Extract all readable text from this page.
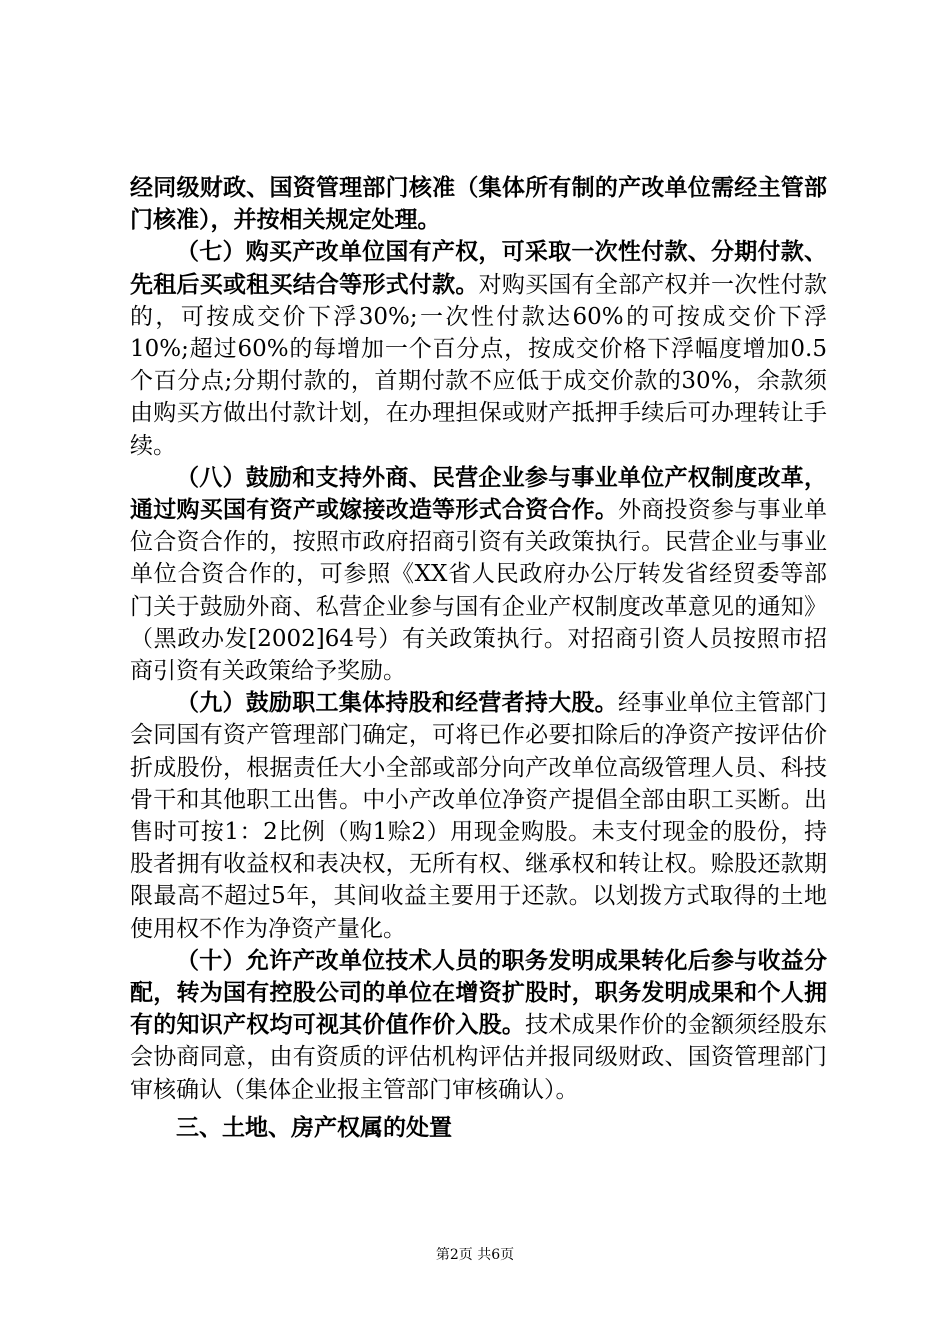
经同级财政、国资管理部门核准（集体所有制的产改单位需经主管部门核准），并按相关规定处理。

（七）购买产改单位国有产权，可采取一次性付款、分期付款、先租后买或租买结合等形式付款。对购买国有全部产权并一次性付款的，可按成交价下浮30%;一次性付款达60%的可按成交价下浮10%;超过60%的每增加一个百分点，按成交价格下浮幅度增加0.5个百分点;分期付款的，首期付款不应低于成交价款的30%，余款须由购买方做出付款计划，在办理担保或财产抵押手续后可办理转让手续。

（八）鼓励和支持外商、民营企业参与事业单位产权制度改革，通过购买国有资产或嫁接改造等形式合资合作。外商投资参与事业单位合资合作的，按照市政府招商引资有关政策执行。民营企业与事业单位合资合作的，可参照《XX省人民政府办公厅转发省经贸委等部门关于鼓励外商、私营企业参与国有企业产权制度改革意见的通知》（黑政办发[2002]64号）有关政策执行。对招商引资人员按照市招商引资有关政策给予奖励。

（九）鼓励职工集体持股和经营者持大股。经事业单位主管部门会同国有资产管理部门确定，可将已作必要扣除后的净资产按评估价折成股份，根据责任大小全部或部分向产改单位高级管理人员、科技骨干和其他职工出售。中小产改单位净资产提倡全部由职工买断。出售时可按1：2比例（购1赊2）用现金购股。未支付现金的股份，持股者拥有收益权和表决权，无所有权、继承权和转让权。赊股还款期限最高不超过5年，其间收益主要用于还款。以划拨方式取得的土地使用权不作为净资产量化。

（十）允许产改单位技术人员的职务发明成果转化后参与收益分配，转为国有控股公司的单位在增资扩股时，职务发明成果和个人拥有的知识产权均可视其价值作价入股。技术成果作价的金额须经股东会协商同意，由有资质的评估机构评估并报同级财政、国资管理部门审核确认（集体企业报主管部门审核确认）。

三、土地、房产权属的处置

第2页 共6页
